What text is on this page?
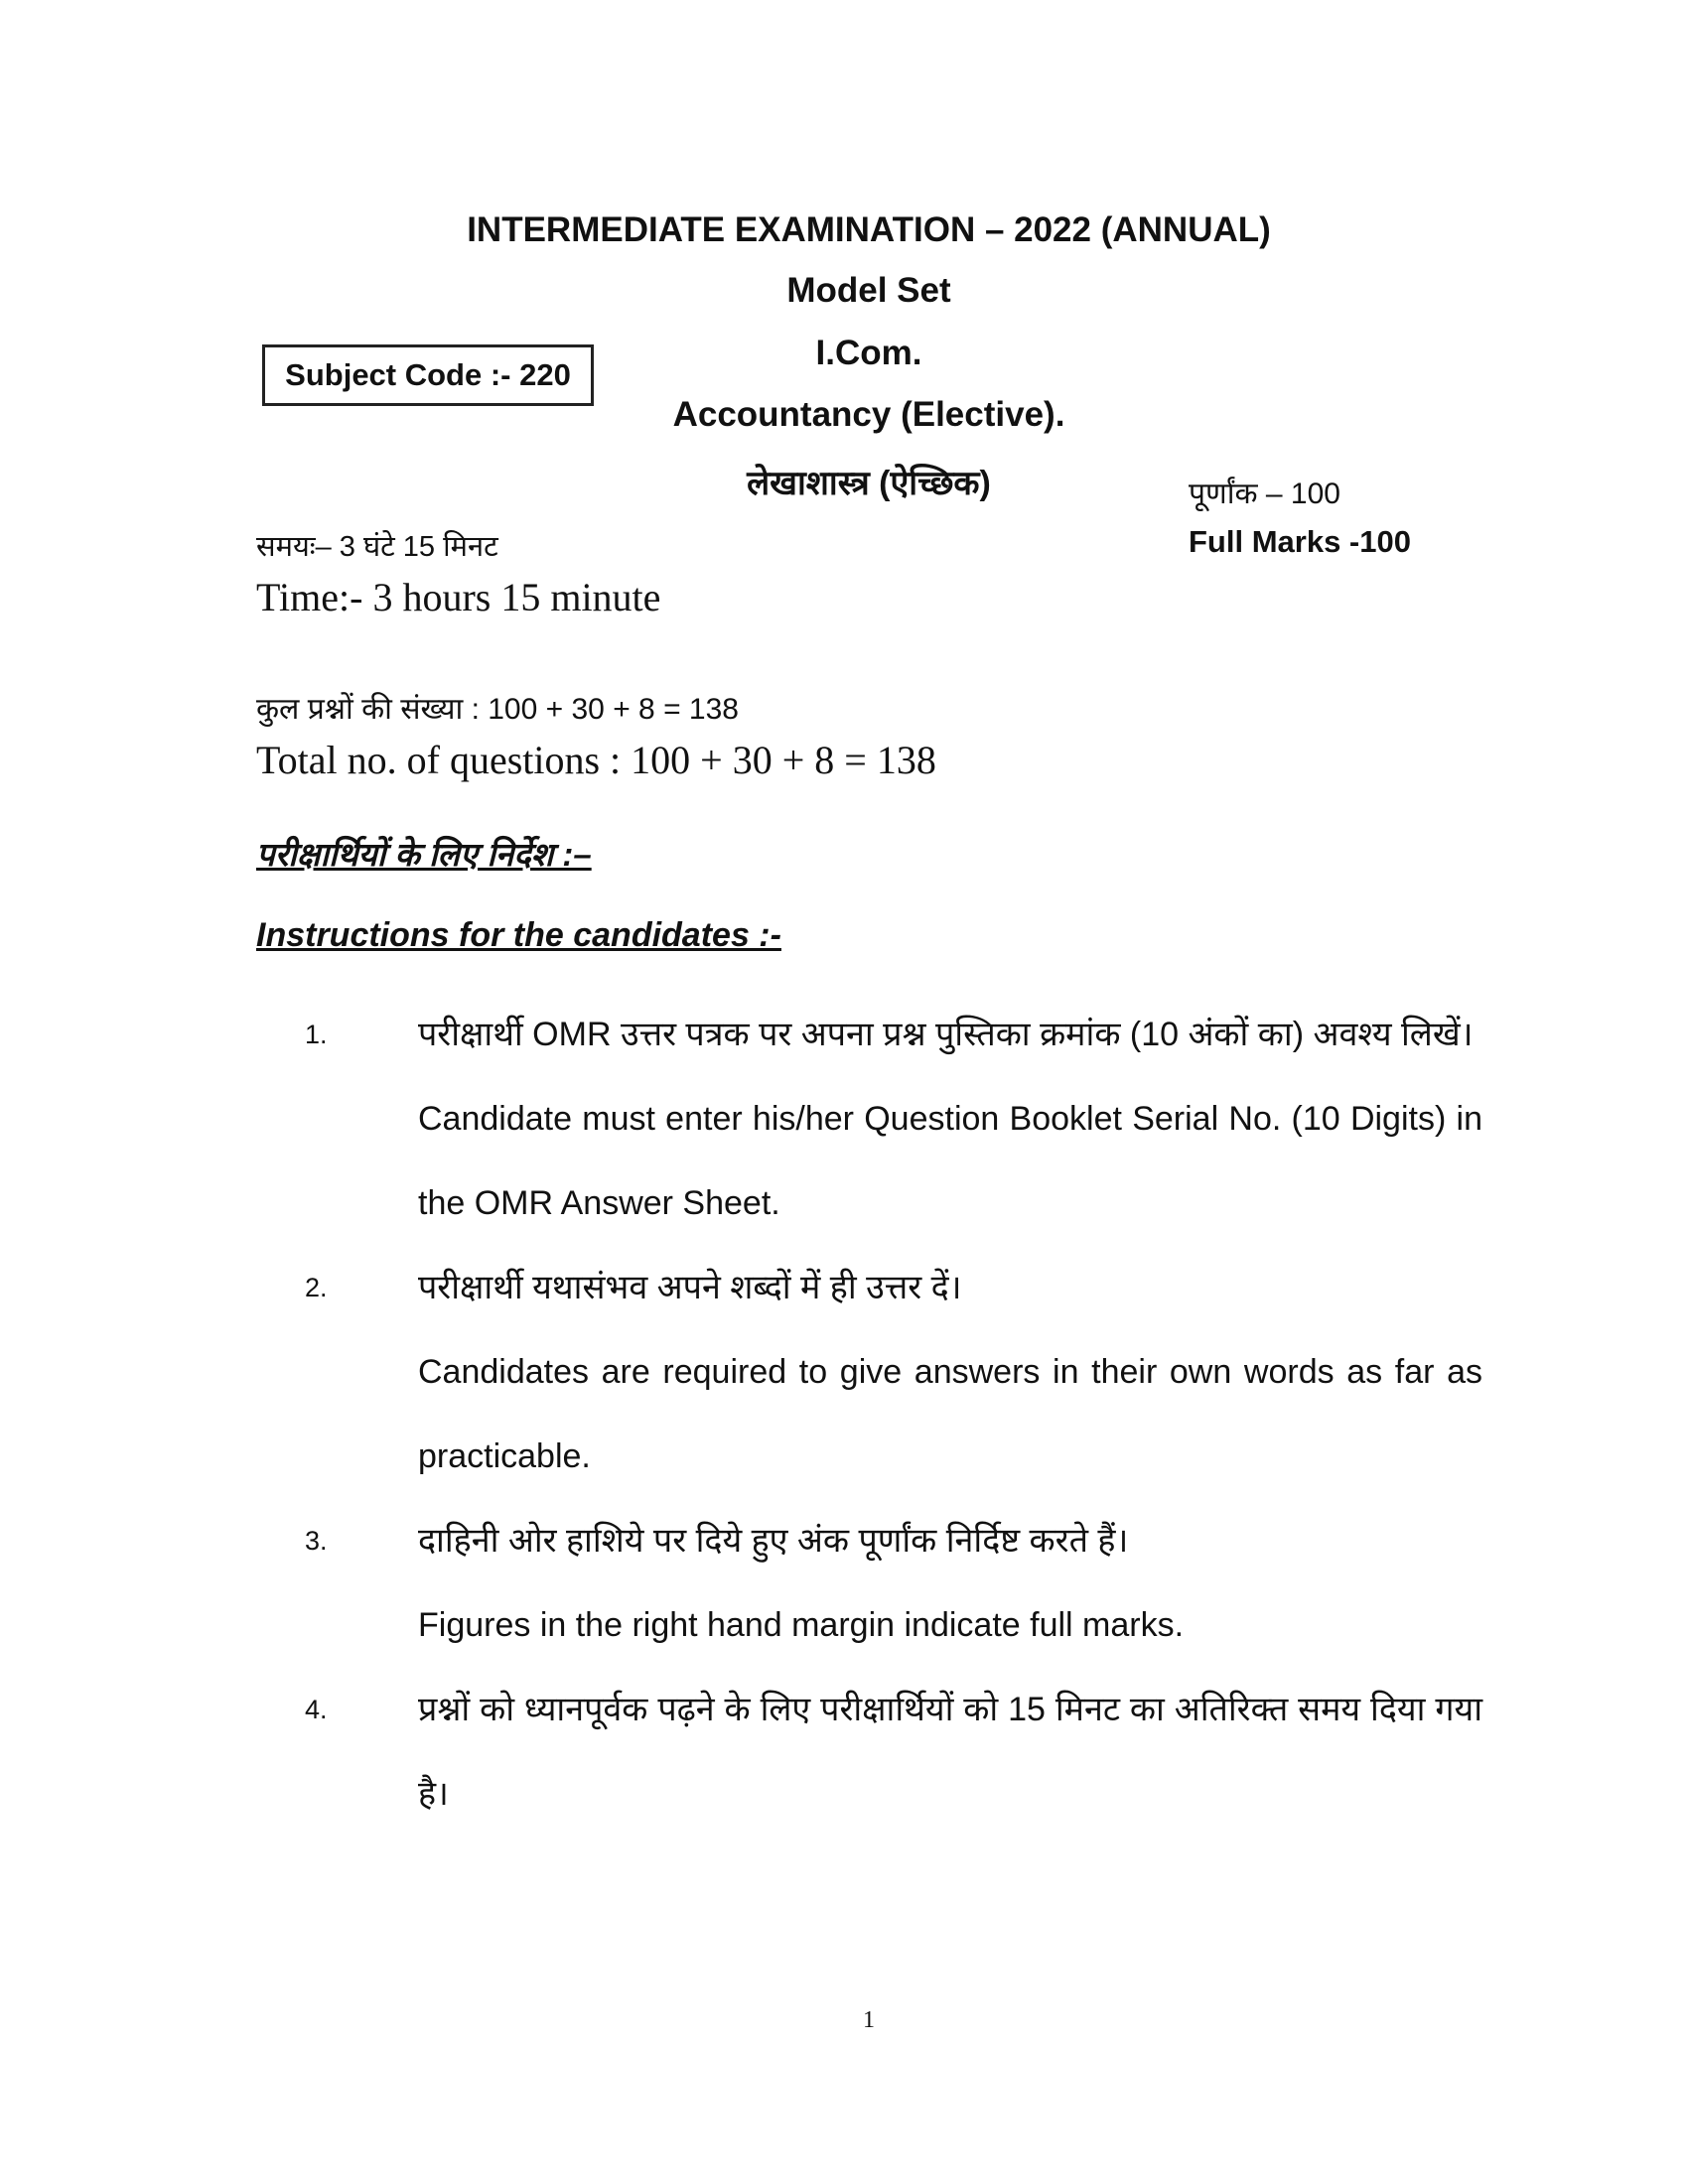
INTERMEDIATE EXAMINATION – 2022 (ANNUAL)
Model Set
Subject Code :- 220
I.Com.
Accountancy (Elective).
लेखाशास्त्र (ऐच्छिक)	पूर्णांक – 100
Full Marks -100
समयः– 3 घंटे 15 मिनट
Time:- 3 hours 15 minute
कुल प्रश्नों की संख्या : 100 + 30 + 8 = 138
Total no. of questions : 100 + 30 + 8 = 138
परीक्षार्थियों के लिए निर्देश :–
Instructions for the candidates :-
1.	परीक्षार्थी OMR उत्तर पत्रक पर अपना प्रश्न पुस्तिका क्रमांक (10 अंकों का) अवश्य लिखें।
Candidate must enter his/her Question Booklet Serial No. (10 Digits) in the OMR Answer Sheet.
2.	परीक्षार्थी यथासंभव अपने शब्दों में ही उत्तर दें।
Candidates are required to give answers in their own words as far as practicable.
3.	दाहिनी ओर हाशिये पर दिये हुए अंक पूर्णांक निर्दिष्ट करते हैं।
Figures in the right hand margin indicate full marks.
4.	प्रश्नों को ध्यानपूर्वक पढ़ने के लिए परीक्षार्थियों को 15 मिनट का अतिरिक्त समय दिया गया है।
1
